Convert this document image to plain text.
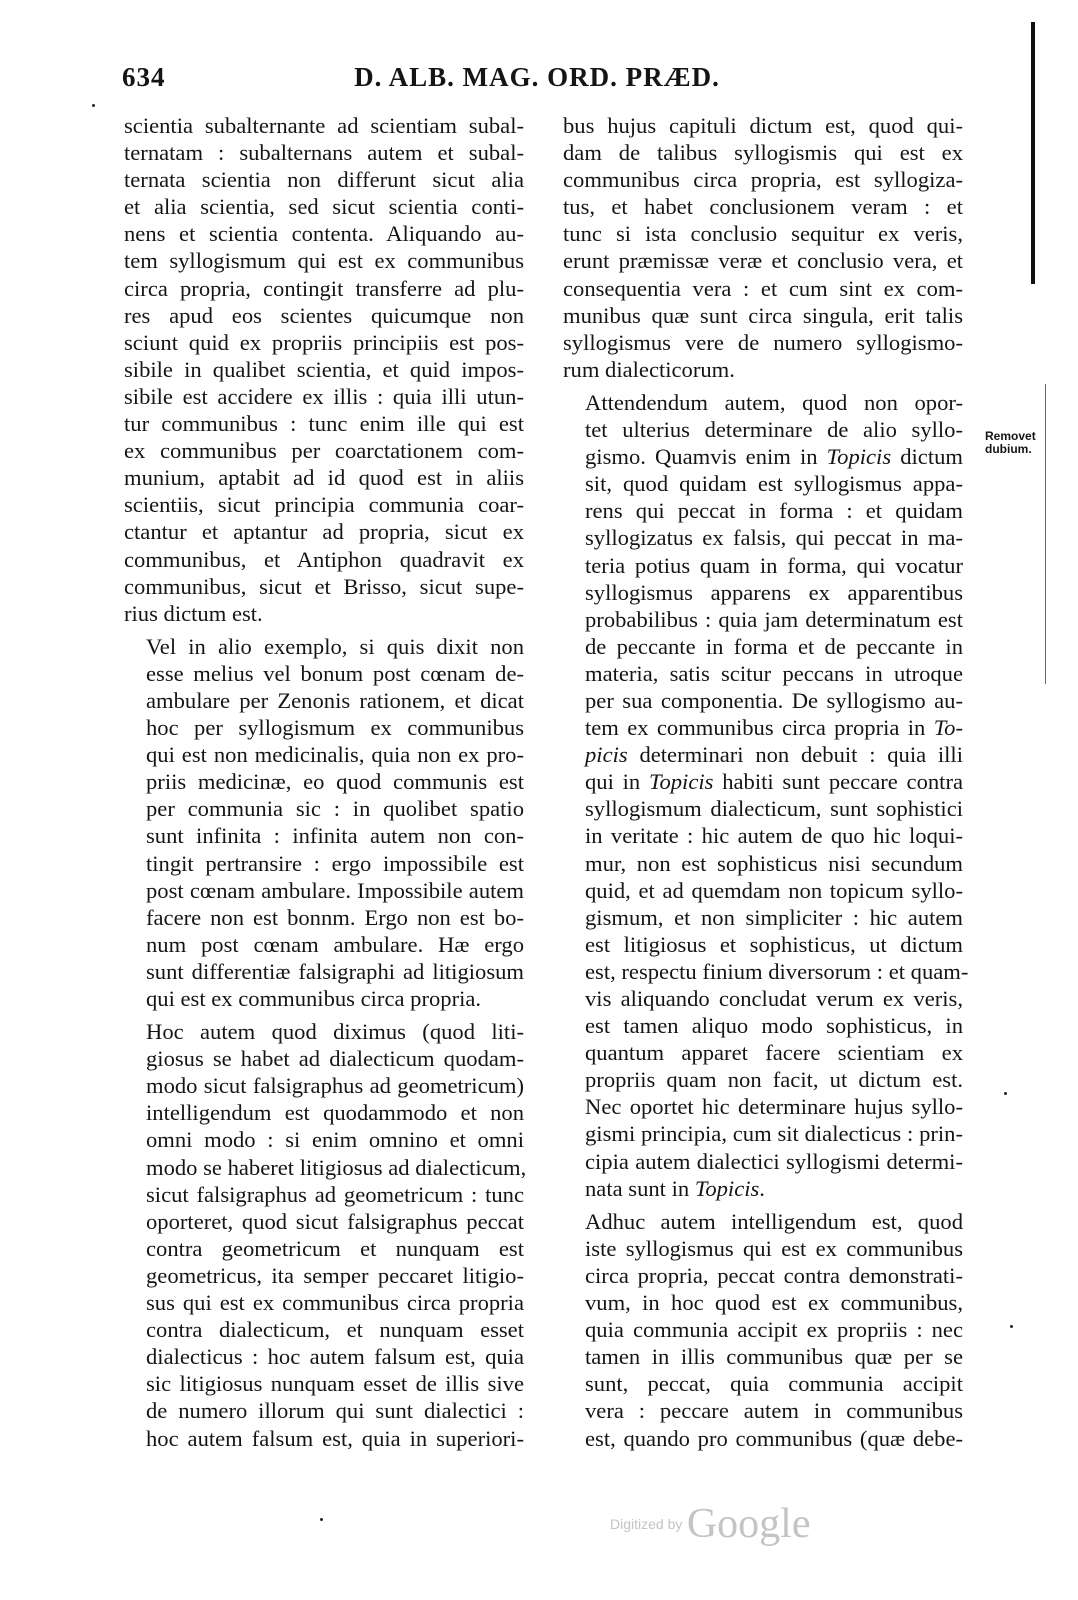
634	D. ALB. MAG. ORD. PRÆD.
scientia subalternante ad scientiam subal-
ternatam : subalternans autem et subal-
ternata scientia non differunt sicut alia
et alia scientia, sed sicut scientia conti-
nens et scientia contenta. Aliquando au-
tem syllogismum qui est ex communibus
circa propria, contingit transferre ad plu-
res apud eos scientes quicumque non
sciunt quid ex propriis principiis est pos-
sibile in qualibet scientia, et quid impos-
sibile est accidere ex illis : quia illi utun-
tur communibus : tunc enim ille qui est
ex communibus per coarctationem com-
munium, aptabit ad id quod est in aliis
scientiis, sicut principia communia coar-
ctantur et aptantur ad propria, sicut ex
communibus, et Antiphon quadravit ex
communibus, sicut et Brisso, sicut supe-
rius dictum est.
Vel in alio exemplo, si quis dixit non
esse melius vel bonum post cœnam de-
ambulare per Zenonis rationem, et dicat
hoc per syllogismum ex communibus
qui est non medicinalis, quia non ex pro-
priis medicinæ, eo quod communis est
per communia sic : in quolibet spatio
sunt infinita : infinita autem non con-
tingit pertransire : ergo impossibile est
post cœnam ambulare. Impossibile autem
facere non est bonnm. Ergo non est bo-
num post cœnam ambulare. Hæ ergo
sunt differentiæ falsigraphi ad litigiosum
qui est ex communibus circa propria.
Hoc autem quod diximus (quod liti-
giosus se habet ad dialecticum quodam-
modo sicut falsigraphus ad geometricum)
intelligendum est quodammodo et non
omni modo : si enim omnino et omni
modo se haberet litigiosus ad dialecticum,
sicut falsigraphus ad geometricum : tunc
oporteret, quod sicut falsigraphus peccat
contra geometricum et nunquam est
geometricus, ita semper peccaret litigio-
sus qui est ex communibus circa propria
contra dialecticum, et nunquam esset
dialecticus : hoc autem falsum est, quia
sic litigiosus nunquam esset de illis sive
de numero illorum qui sunt dialectici :
hoc autem falsum est, quia in superiori-
bus hujus capituli dictum est, quod qui-
dam de talibus syllogismis qui est ex
communibus circa propria, est syllogiza-
tus, et habet conclusionem veram : et
tunc si ista conclusio sequitur ex veris,
erunt præmissæ veræ et conclusio vera, et
consequentia vera : et cum sint ex com-
munibus quæ sunt circa singula, erit talis
syllogismus vere de numero syllogismo-
rum dialecticorum.
Attendendum autem, quod non opor-
tet ulterius determinare de alio syllo-
gismo. Quamvis enim in Topicis dictum
sit, quod quidam est syllogismus appa-
rens qui peccat in forma : et quidam
syllogizatus ex falsis, qui peccat in ma-
teria potius quam in forma, qui vocatur
syllogismus apparens ex apparentibus
probabilibus : quia jam determinatum est
de peccante in forma et de peccante in
materia, satis scitur peccans in utroque
per sua componentia. De syllogismo au-
tem ex communibus circa propria in To-
picis determinari non debuit : quia illi
qui in Topicis habiti sunt peccare contra
syllogismum dialecticum, sunt sophistici
in veritate : hic autem de quo hic loqui-
mur, non est sophisticus nisi secundum
quid, et ad quemdam non topicum syllo-
gismum, et non simpliciter : hic autem
est litigiosus et sophisticus, ut dictum
est, respectu finium diversorum : et quam-
vis aliquando concludat verum ex veris,
est tamen aliquo modo sophisticus, in
quantum apparet facere scientiam ex
propriis quam non facit, ut dictum est.
Nec oportet hic determinare hujus syllo-
gismi principia, cum sit dialecticus : prin-
cipia autem dialectici syllogismi determi-
nata sunt in Topicis.
Adhuc autem intelligendum est, quod
iste syllogismus qui est ex communibus
circa propria, peccat contra demonstrati-
vum, in hoc quod est ex communibus,
quia communia accipit ex propriis : nec
tamen in illis communibus quæ per se
sunt, peccat, quia communia accipit
vera : peccare autem in communibus
est, quando pro communibus (quæ debe-
Removet
dubium.
Digitized by Google
